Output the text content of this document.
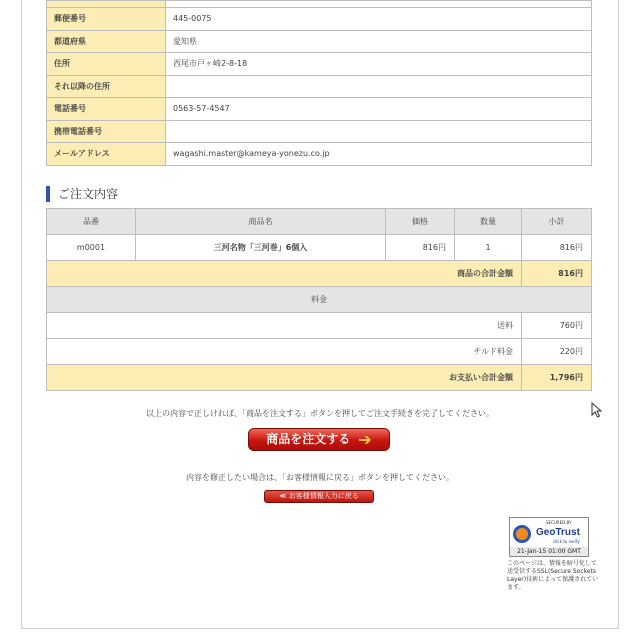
郵便番号	445-0075
都道府県	愛知県
住所	西尾市戸ヶ崎2-8-18
それ以降の住所	
電話番号	0563-57-4547
携帯電話番号	
メールアドレス	wagashi.master@kameya-yonezu.co.jp
ご注文内容
品番	商品名	価格	数量	小計
m0001	三河名物「三河巻」6個入	816円	1	816円
商品の合計金額				816円
料金				
送料				760円
チルド料金				220円
お支払い合計金額				1,796円
以上の内容で正しければ、「商品を注文する」ボタンを押してご注文手続きを完了してください。
商品を注文する ➔
内容を修正したい場合は、「お客様情報に戻る」ボタンを押してください。
≪ お客様情報入力に戻る
SECURED BY
GeoTrust
click to verify
21-Jan-15 01:00 GMT
このページは、情報を暗号化して送受信するSSL(Secure Sockets Layer)技術によって保護されています。
